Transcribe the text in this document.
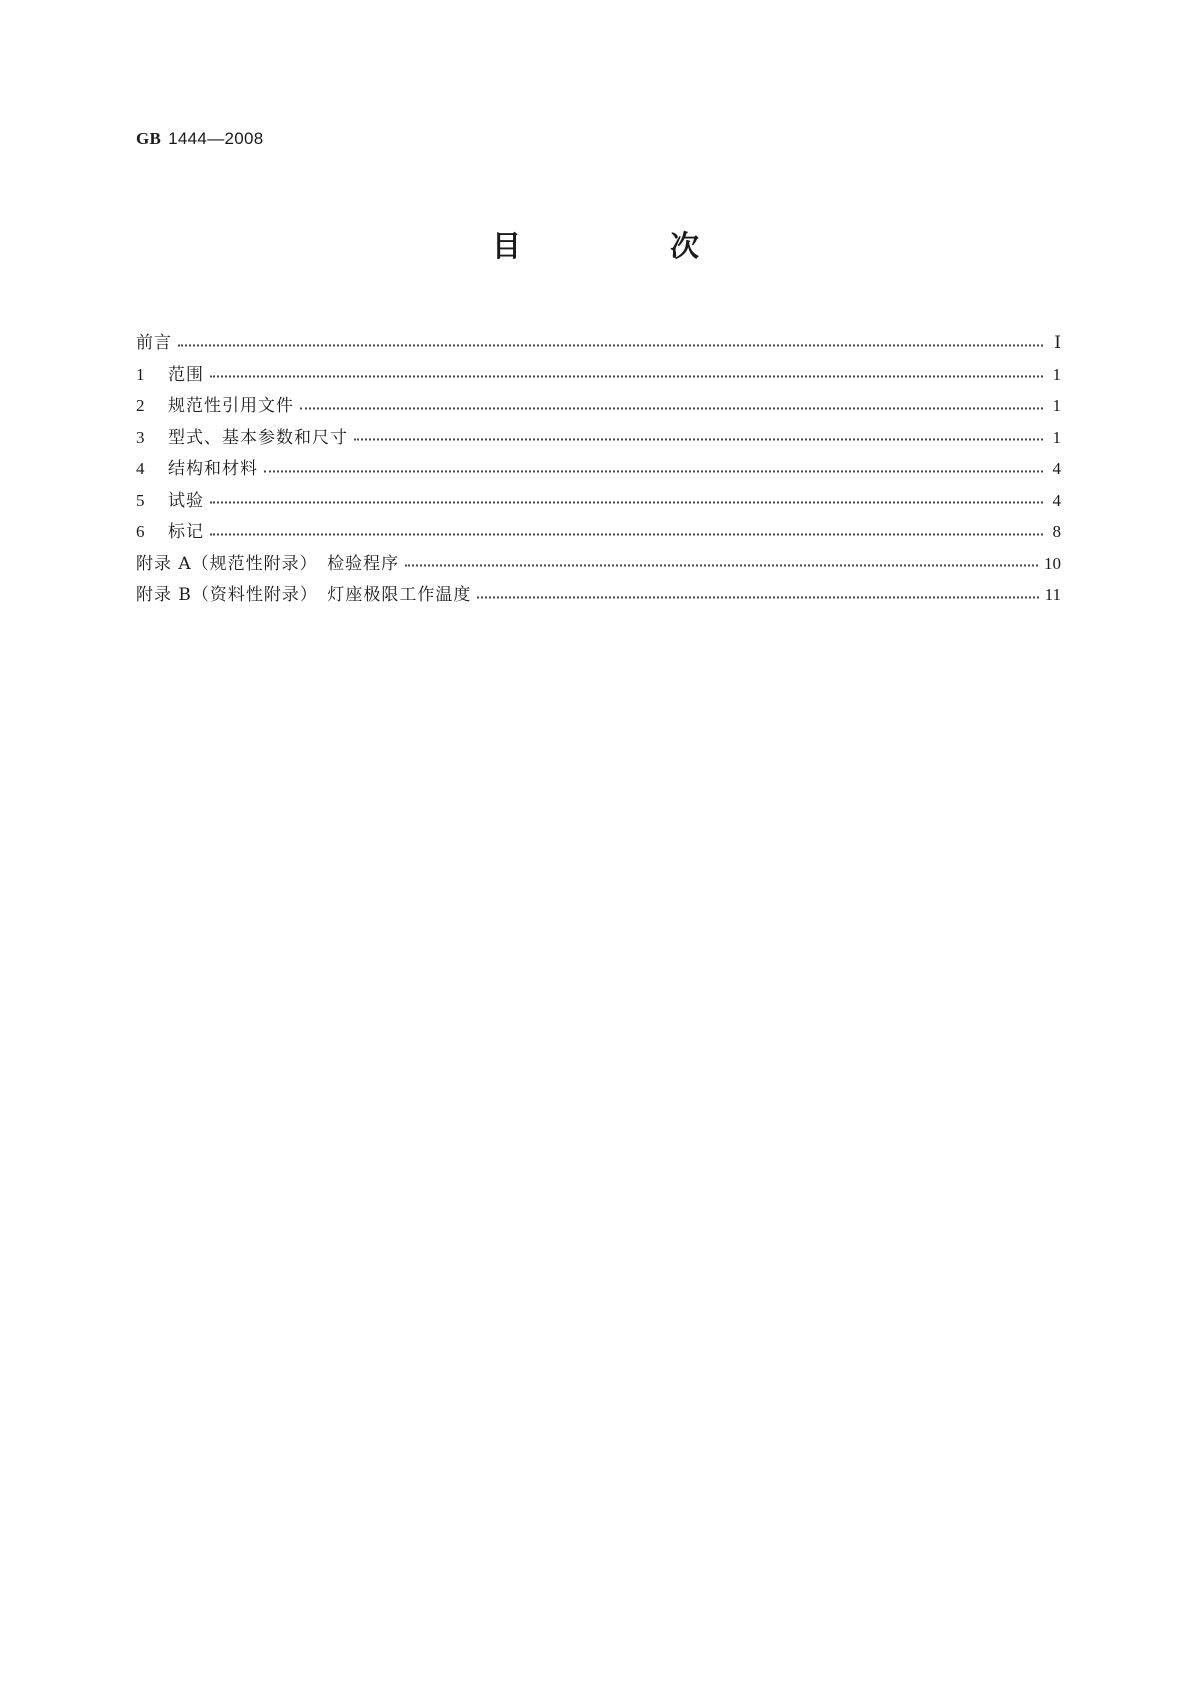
GB 1444—2008
目　次
前言	Ⅰ
1	范围	1
2	规范性引用文件	1
3	型式、基本参数和尺寸	1
4	结构和材料	4
5	试验	4
6	标记	8
附录 A（规范性附录）　检验程序	10
附录 B（资料性附录）　灯座极限工作温度	11
